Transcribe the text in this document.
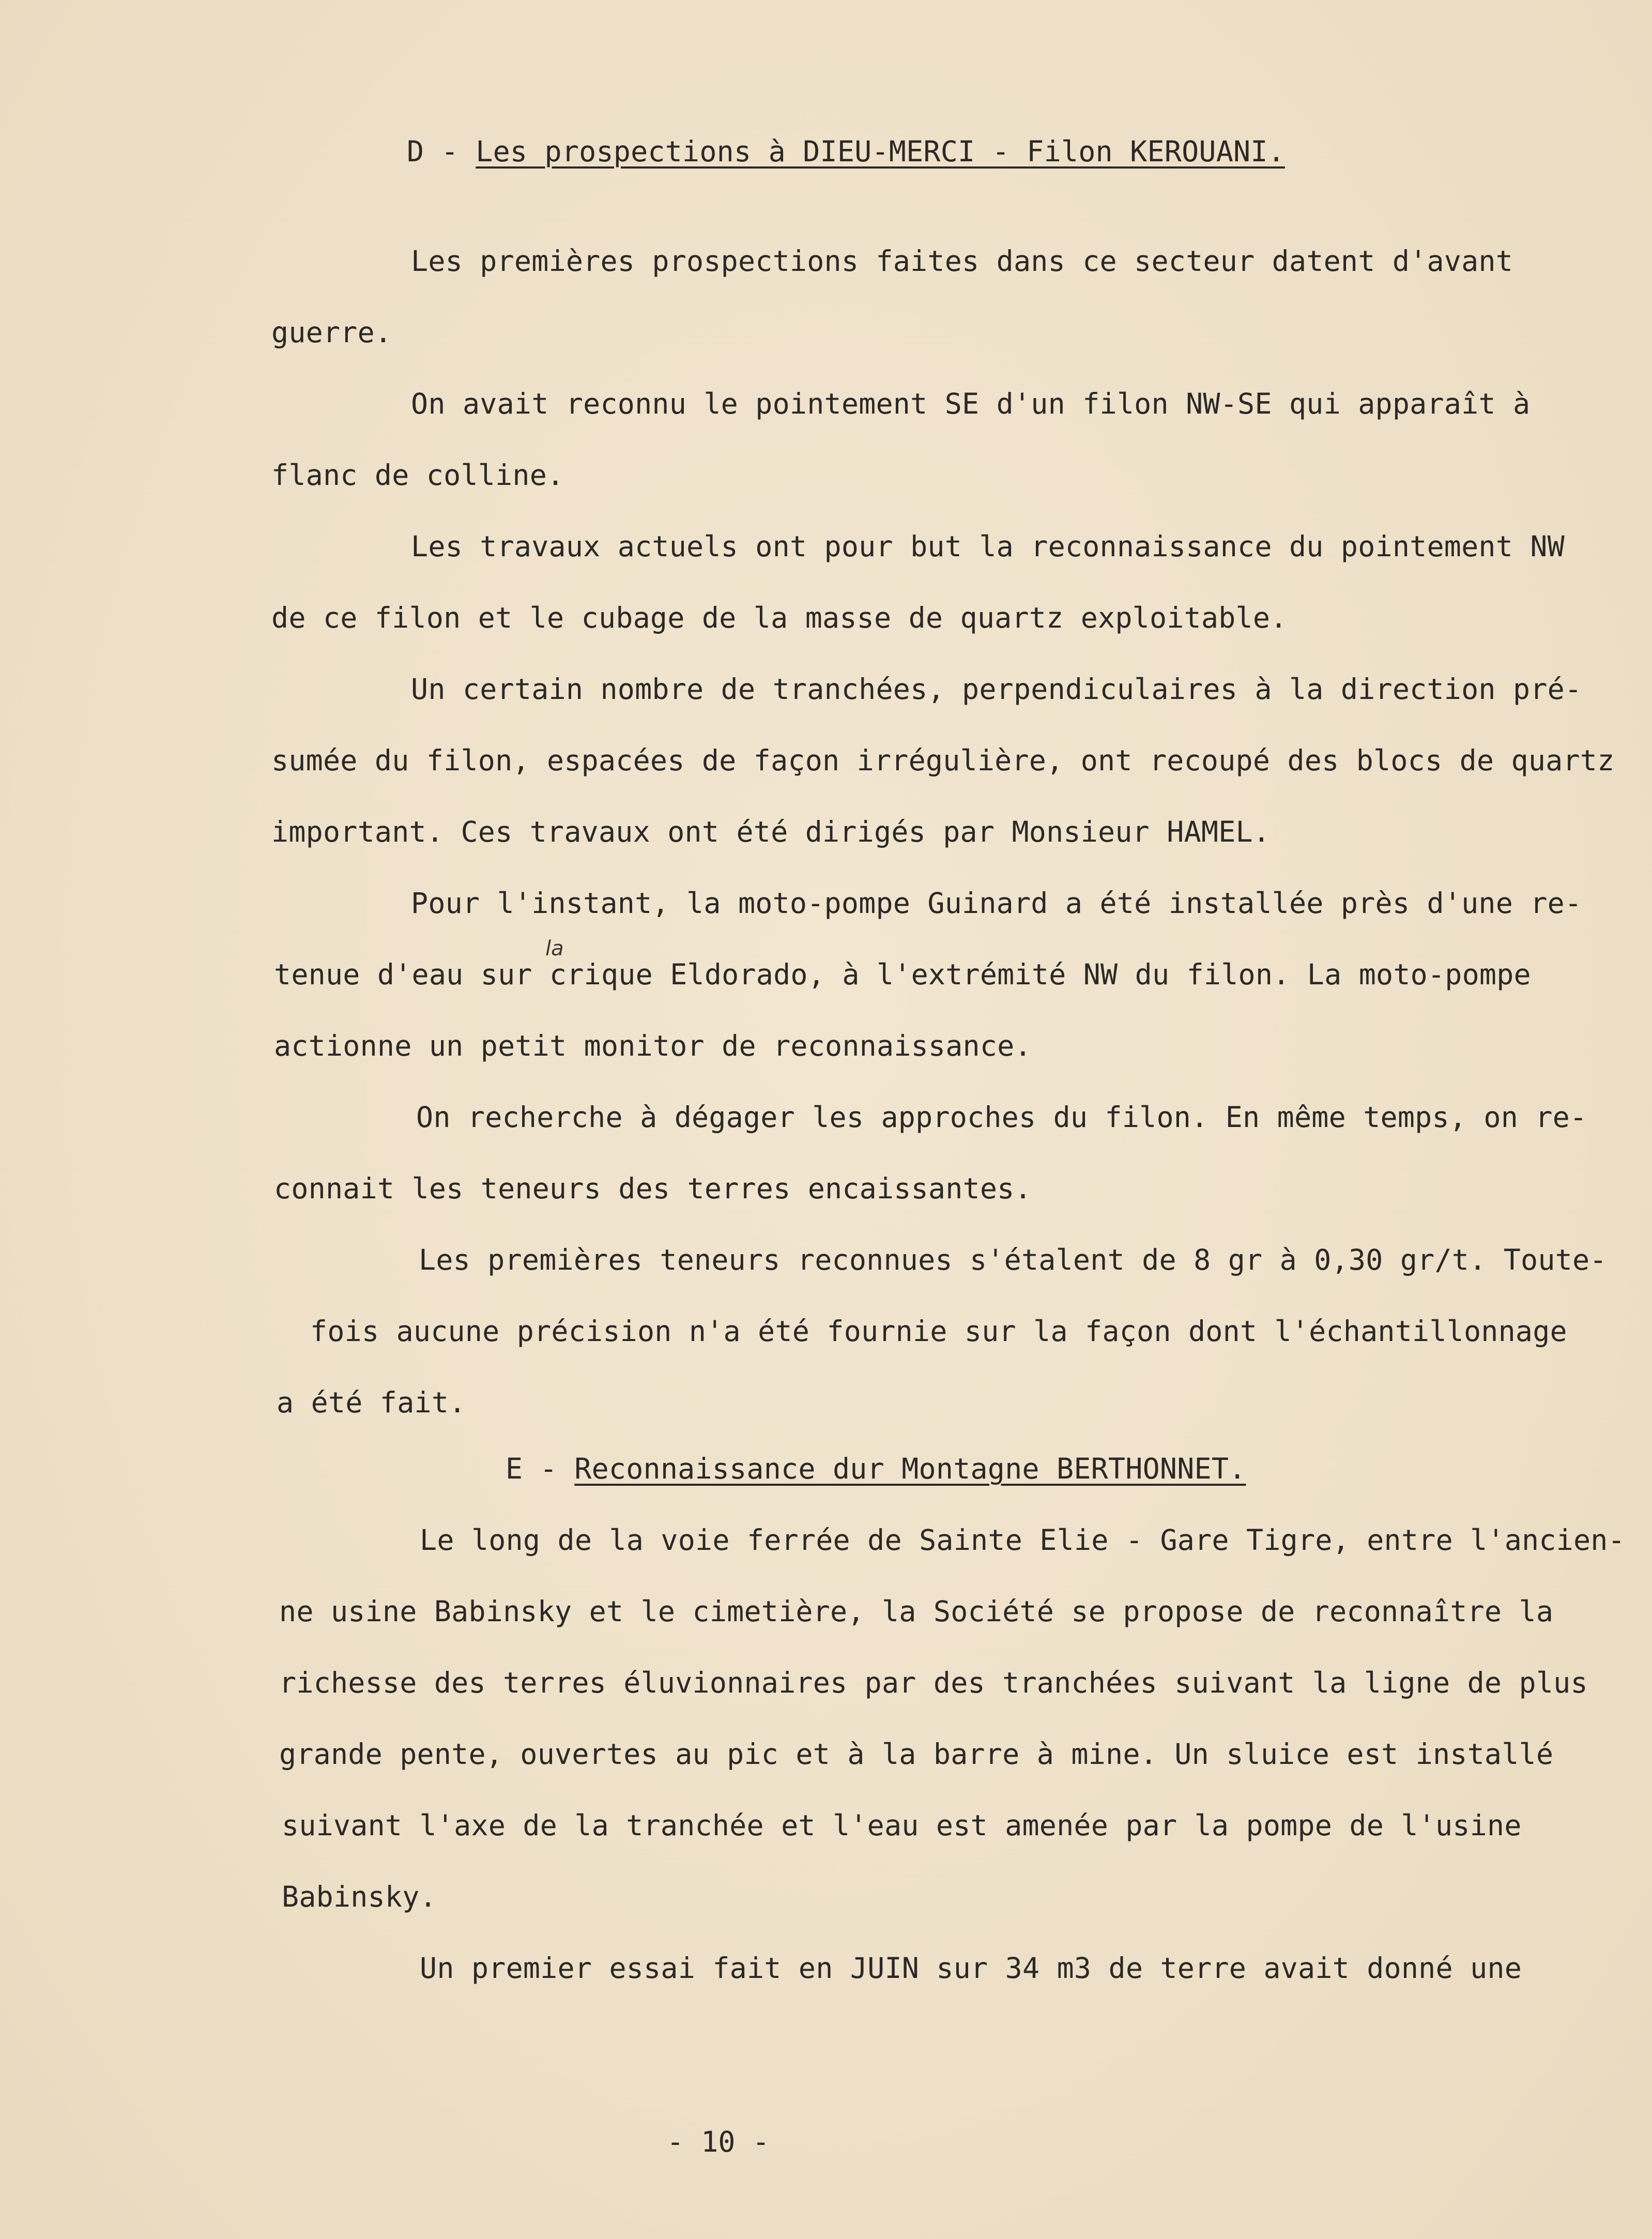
D - Les prospections à DIEU-MERCI - Filon KEROUANI.
Les premières prospections faites dans ce secteur datent d'avant
guerre.
On avait reconnu le pointement SE d'un filon NW-SE qui apparaît à
flanc de colline.
Les travaux actuels ont pour but la reconnaissance du pointement NW
de ce filon et le cubage de la masse de quartz exploitable.
Un certain nombre de tranchées, perpendiculaires à la direction pré-
sumée du filon, espacées de façon irrégulière, ont recoupé des blocs de quartz
important. Ces travaux ont été dirigés par Monsieur HAMEL.
Pour l'instant, la moto-pompe Guinard a été installée près d'une re-
la
tenue d'eau sur crique Eldorado, à l'extrémité NW du filon. La moto-pompe
actionne un petit monitor de reconnaissance.
On recherche à dégager les approches du filon. En même temps, on re-
connait les teneurs des terres encaissantes.
Les premières teneurs reconnues s'étalent de 8 gr à 0,30 gr/t. Toute-
fois aucune précision n'a été fournie sur la façon dont l'échantillonnage
a été fait.
E - Reconnaissance dur Montagne BERTHONNET.
Le long de la voie ferrée de Sainte Elie - Gare Tigre, entre l'ancien-
ne usine Babinsky et le cimetière, la Société se propose de reconnaître la
richesse des terres éluvionnaires par des tranchées suivant la ligne de plus
grande pente, ouvertes au pic et à la barre à mine. Un sluice est installé
suivant l'axe de la tranchée et l'eau est amenée par la pompe de l'usine
Babinsky.
Un premier essai fait en JUIN sur 34 m3 de terre avait donné une
- 10 -
